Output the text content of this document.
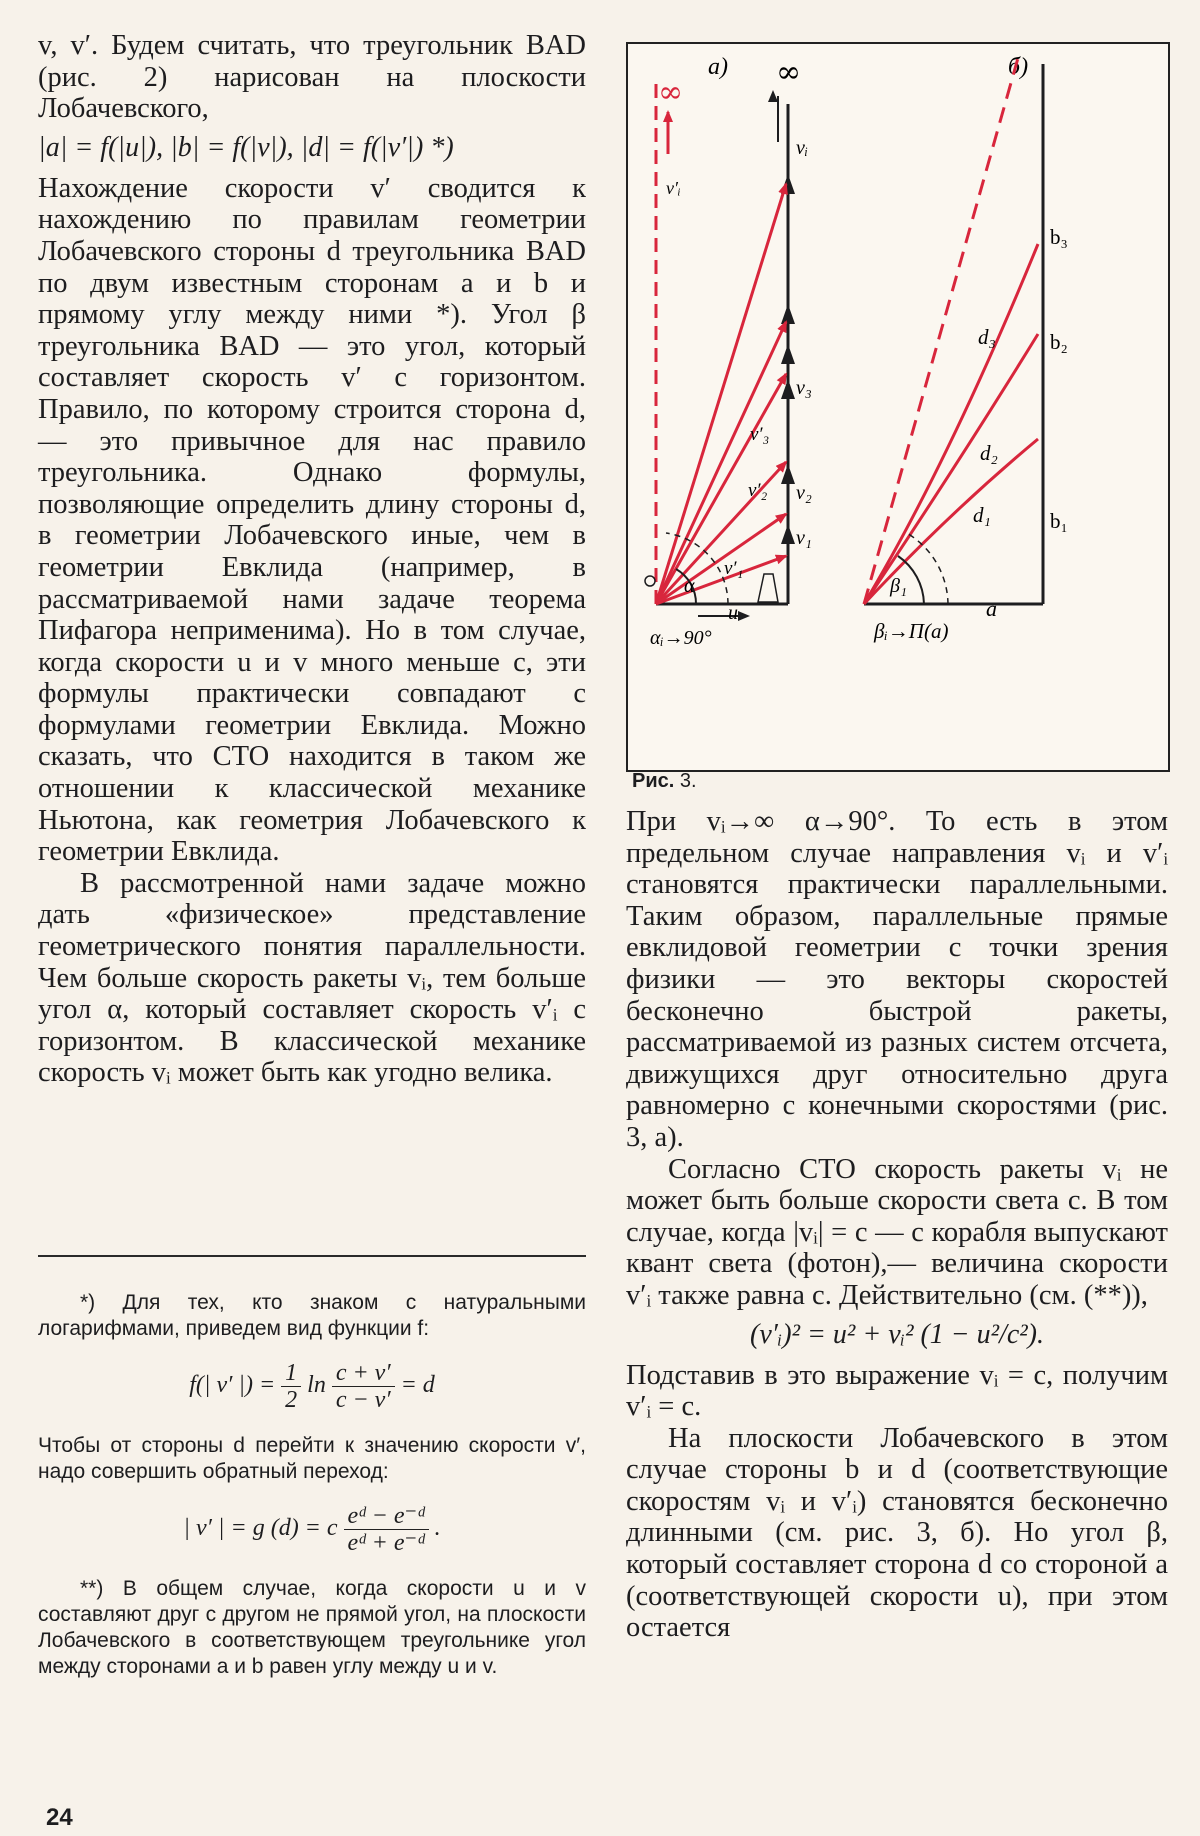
v, v′. Будем считать, что треугольник BAD (рис. 2) нарисован на плоскости Лобачевского,

|a| = f(|u|), |b| = f(|v|), |d| = f(|v′|) *)

Нахождение скорости v′ сводится к нахождению по правилам геометрии Лобачевского стороны d треугольника BAD по двум известным сторонам a и b и прямому углу между ними *). Угол β треугольника BAD — это угол, который составляет скорость v′ с горизонтом. Правило, по которому строится сторона d, — это привычное для нас правило треугольника. Однако формулы, позволяющие определить длину стороны d, в геометрии Лобачевского иные, чем в геометрии Евклида (например, в рассматриваемой нами задаче теорема Пифагора неприменима). Но в том случае, когда скорости u и v много меньше c, эти формулы практически совпадают с формулами геометрии Евклида. Можно сказать, что СТО находится в таком же отношении к классической механике Ньютона, как геометрия Лобачевского к геометрии Евклида.

В рассмотренной нами задаче можно дать «физическое» представление геометрического понятия параллельности. Чем больше скорость ракеты vᵢ, тем больше угол α, который составляет скорость v′ᵢ с горизонтом. В классической механике скорость vᵢ может быть как угодно велика.

*) Для тех, кто знаком с натуральными логарифмами, приведем вид функции f:

f(| v′ |) = $\frac{1}{2}$ $\ln \frac{c + v'}{c - v'} = d$

Чтобы от стороны d перейти к значению скорости v′, надо совершить обратный переход:

| v′ | = g (d) = c $\frac{\text{eᵈ − e⁻ᵈ}}{\text{eᵈ + e⁻ᵈ}}$ .

**) В общем случае, когда скорости u и v составляют друг с другом не прямой угол, на плоскости Лобачевского в соответствующем треугольнике угол между сторонами a и b равен углу между u и v.

24
а)	б)
∞
vᵢ
v₃
v₂
v₁
∞
v′ᵢ
v′₃
v′₂
v′₁
α
u
αᵢ→90°
d₃
d₂
d₁
b₃
b₂
b₁
β₁
a
βᵢ→П(a)
Рис. 3.

При vᵢ→∞ α→90°. То есть в этом предельном случае направления vᵢ и v′ᵢ становятся практически параллельными. Таким образом, параллельные прямые евклидовой геометрии с точки зрения физики — это векторы скоростей бесконечно быстрой ракеты, рассматриваемой из разных систем отсчета, движущихся друг относительно друга равномерно с конечными скоростями (рис. 3, а).

Согласно СТО скорость ракеты vᵢ не может быть больше скорости света c. В том случае, когда |vᵢ| = c — с корабля выпускают квант света (фотон),— величина скорости v′ᵢ также равна c. Действительно (см. (**)),

(v′ᵢ)² = u² + vᵢ² (1 − u²/c²).

Подставив в это выражение vᵢ = c, получим v′ᵢ = c.

На плоскости Лобачевского в этом случае стороны b и d (соответствующие скоростям vᵢ и v′ᵢ) становятся бесконечно длинными (см. рис. 3, б). Но угол β, который составляет сторона d со стороной a (соответствующей скорости u), при этом остается
